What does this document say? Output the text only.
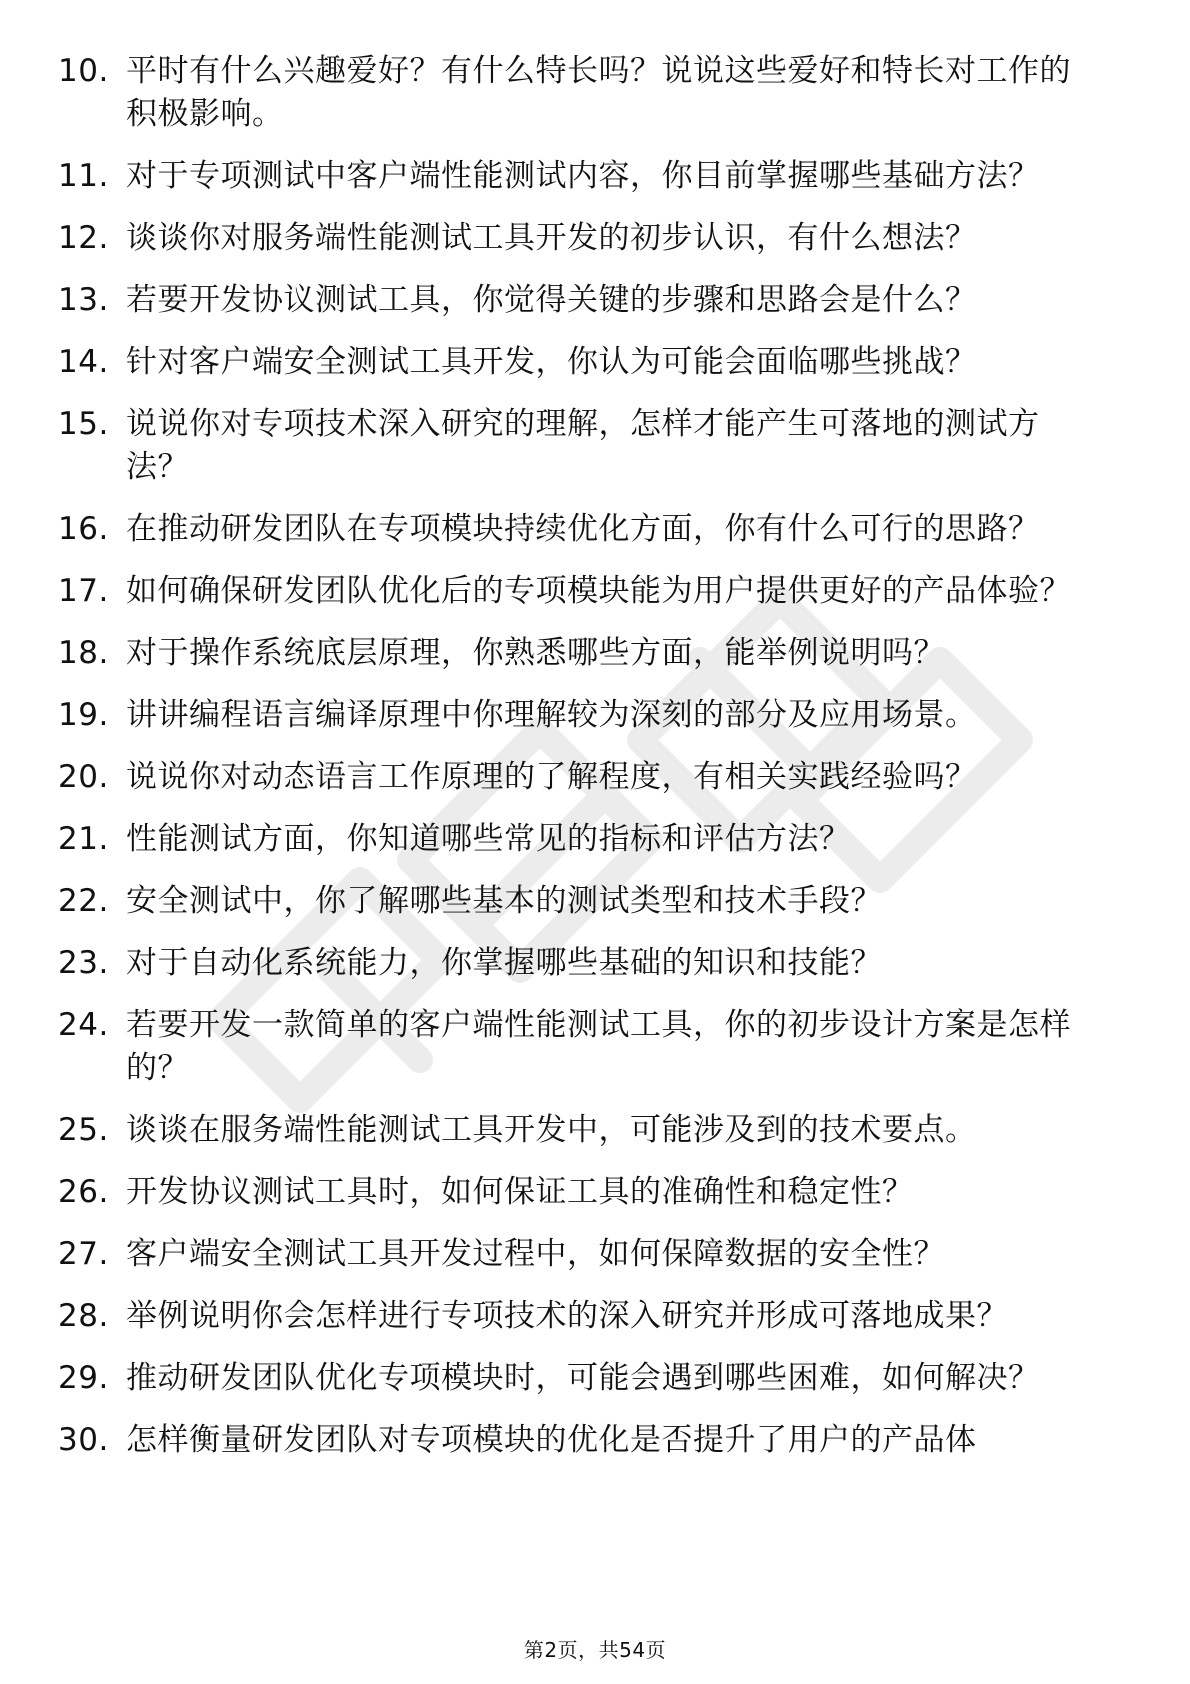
10. 平时有什么兴趣爱好？有什么特长吗？说说这些爱好和特长对工作的积极影响。
11. 对于专项测试中客户端性能测试内容，你目前掌握哪些基础方法？
12. 谈谈你对服务端性能测试工具开发的初步认识，有什么想法？
13. 若要开发协议测试工具，你觉得关键的步骤和思路会是什么？
14. 针对客户端安全测试工具开发，你认为可能会面临哪些挑战？
15. 说说你对专项技术深入研究的理解，怎样才能产生可落地的测试方法？
16. 在推动研发团队在专项模块持续优化方面，你有什么可行的思路？
17. 如何确保研发团队优化后的专项模块能为用户提供更好的产品体验？
18. 对于操作系统底层原理，你熟悉哪些方面，能举例说明吗？
19. 讲讲编程语言编译原理中你理解较为深刻的部分及应用场景。
20. 说说你对动态语言工作原理的了解程度，有相关实践经验吗？
21. 性能测试方面，你知道哪些常见的指标和评估方法？
22. 安全测试中，你了解哪些基本的测试类型和技术手段？
23. 对于自动化系统能力，你掌握哪些基础的知识和技能？
24. 若要开发一款简单的客户端性能测试工具，你的初步设计方案是怎样的？
25. 谈谈在服务端性能测试工具开发中，可能涉及到的技术要点。
26. 开发协议测试工具时，如何保证工具的准确性和稳定性？
27. 客户端安全测试工具开发过程中，如何保障数据的安全性？
28. 举例说明你会怎样进行专项技术的深入研究并形成可落地成果？
29. 推动研发团队优化专项模块时，可能会遇到哪些困难，如何解决？
30. 怎样衡量研发团队对专项模块的优化是否提升了用户的产品体
第2页，共54页
